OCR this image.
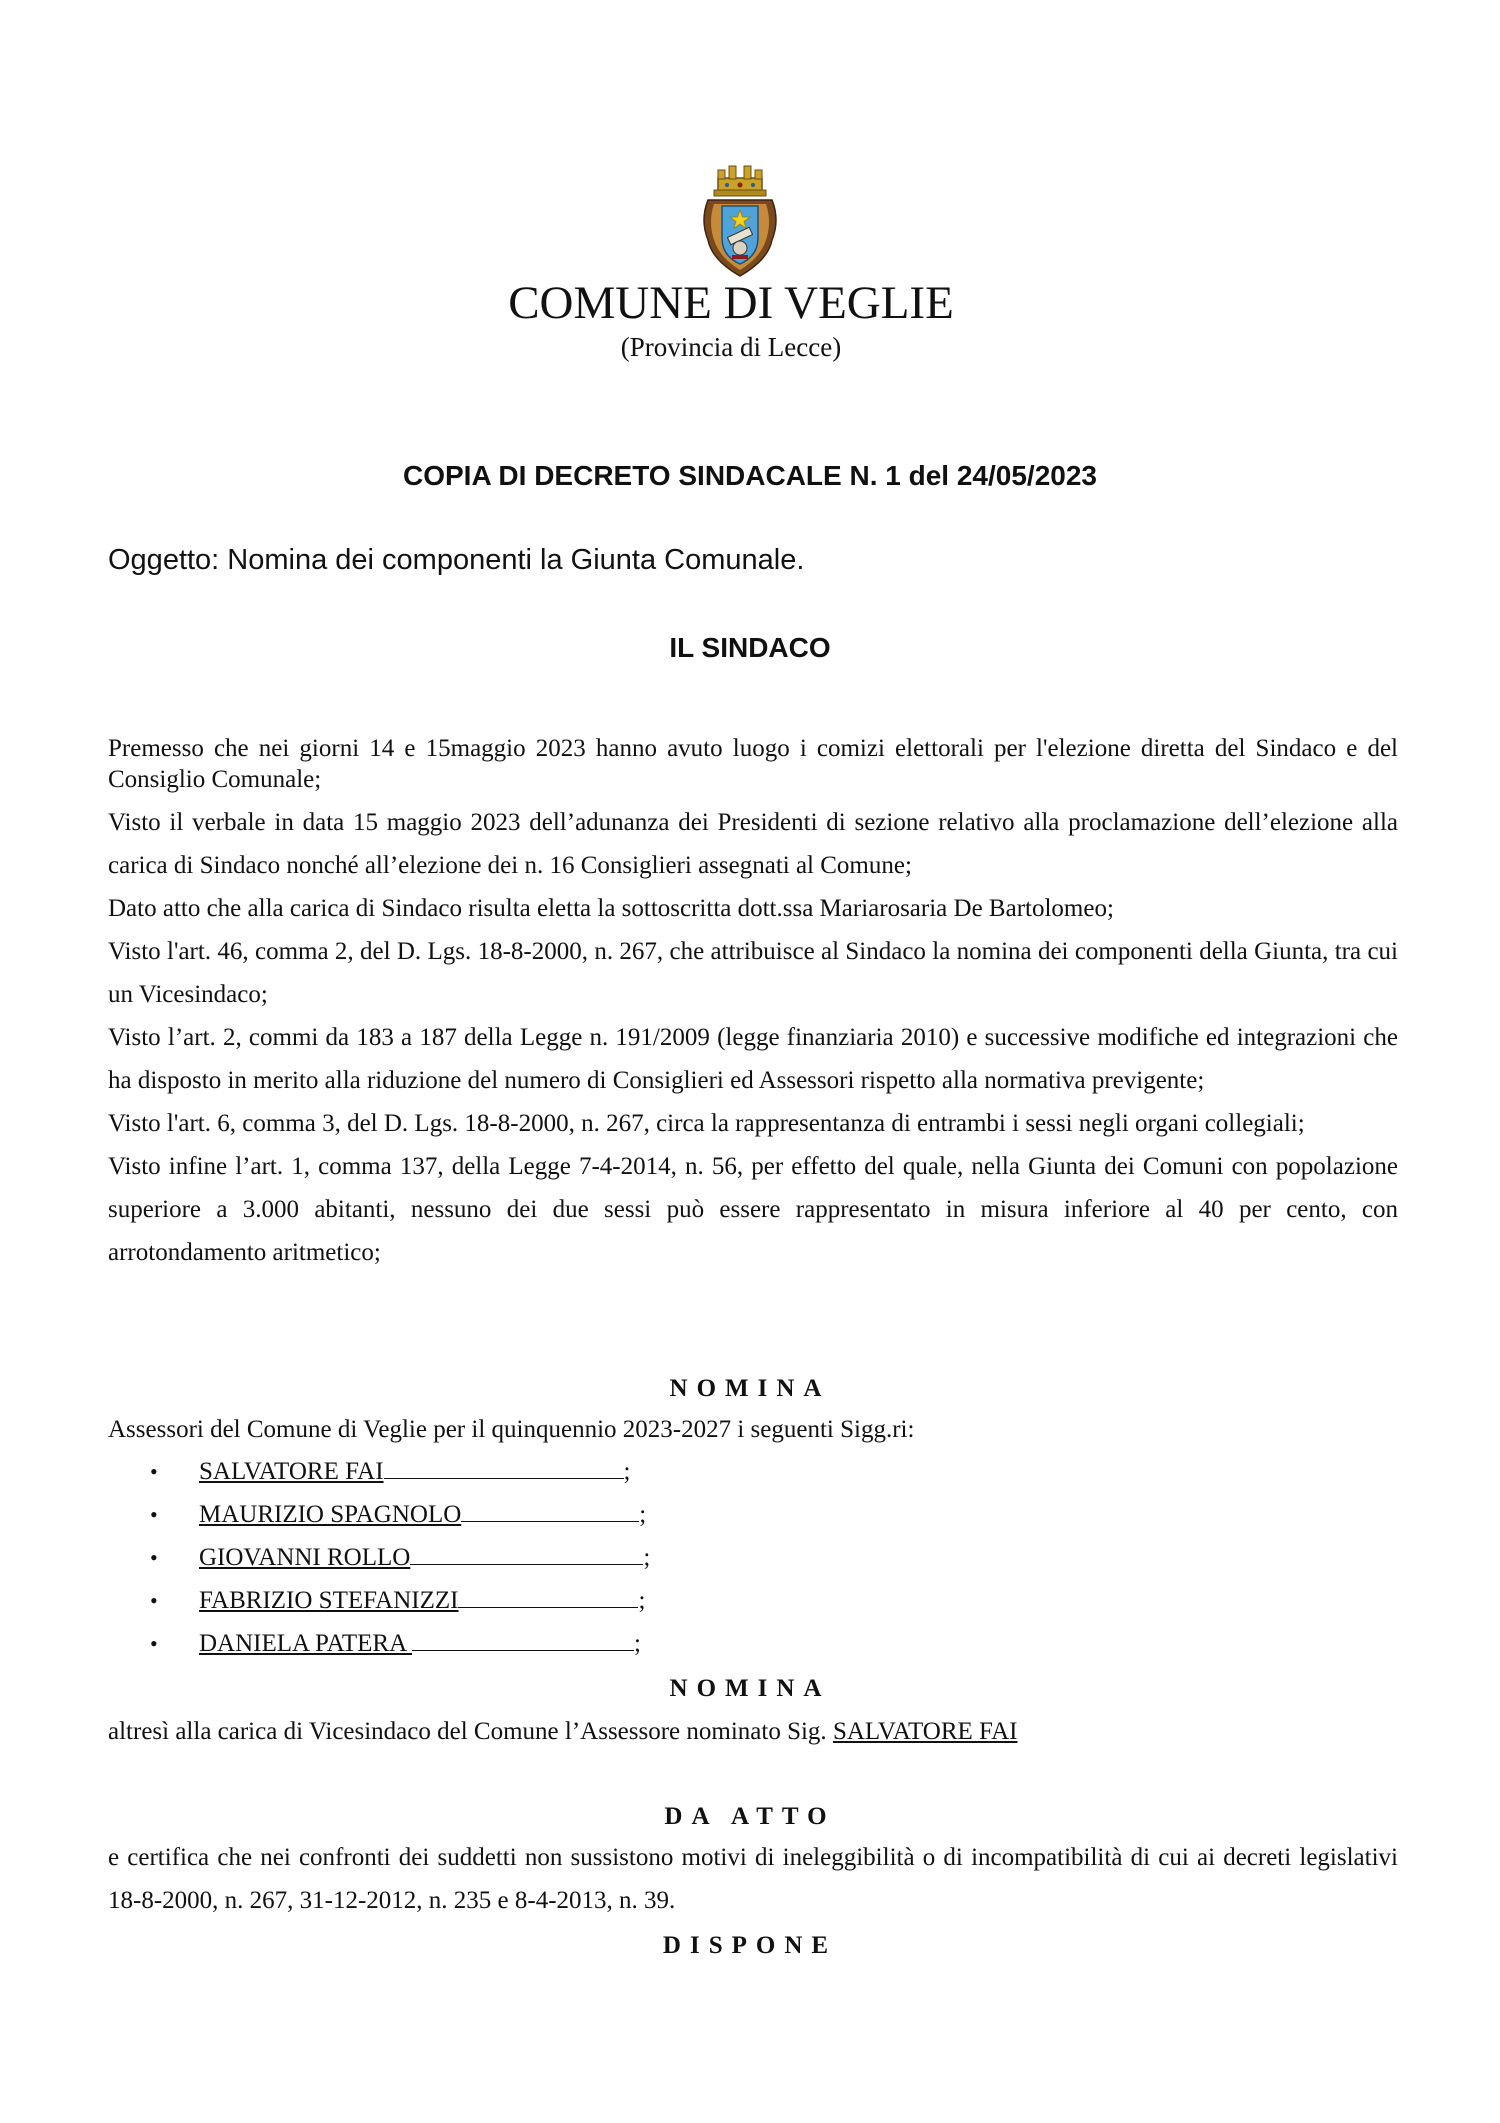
COMUNE DI VEGLIE
(Provincia di Lecce)
COPIA DI DECRETO SINDACALE N. 1 del 24/05/2023
Oggetto: Nomina dei componenti la Giunta Comunale.
IL SINDACO
Premesso che nei giorni 14 e 15maggio 2023 hanno avuto luogo i comizi elettorali per l'elezione diretta del Sindaco e del Consiglio Comunale;

Visto il verbale in data 15 maggio 2023 dell’adunanza dei Presidenti di sezione relativo alla proclamazione dell’elezione alla carica di Sindaco nonché all’elezione dei n. 16 Consiglieri assegnati al Comune;

Dato atto che alla carica di Sindaco risulta eletta la sottoscritta dott.ssa Mariarosaria De Bartolomeo;

Visto l'art. 46, comma 2, del D. Lgs. 18-8-2000, n. 267, che attribuisce al Sindaco la nomina dei componenti della Giunta, tra cui un Vicesindaco;

Visto l’art. 2, commi da 183 a 187 della Legge n. 191/2009 (legge finanziaria 2010) e successive modifiche ed integrazioni che ha disposto in merito alla riduzione del numero di Consiglieri ed Assessori rispetto alla normativa previgente;

Visto l'art. 6, comma 3, del D. Lgs. 18-8-2000, n. 267, circa la rappresentanza di entrambi i sessi negli organi collegiali;

Visto infine l’art. 1, comma 137, della Legge 7-4-2014, n. 56, per effetto del quale, nella Giunta dei Comuni con popolazione superiore a 3.000 abitanti, nessuno dei due sessi può essere rappresentato in misura inferiore al 40 per cento, con arrotondamento aritmetico;

NOMINA
Assessori del Comune di Veglie per il quinquennio 2023-2027 i seguenti Sigg.ri:
• SALVATORE FAI	;
• MAURIZIO SPAGNOLO	;
• GIOVANNI ROLLO	;
• FABRIZIO STEFANIZZI	;
• DANIELA PATERA	;
NOMINA
altresì alla carica di Vicesindaco del Comune l’Assessore nominato Sig. SALVATORE FAI
DA ATTO
e certifica che nei confronti dei suddetti non sussistono motivi di ineleggibilità o di incompatibilità di cui ai decreti legislativi 18-8-2000, n. 267, 31-12-2012, n. 235 e 8-4-2013, n. 39.
DISPONE
